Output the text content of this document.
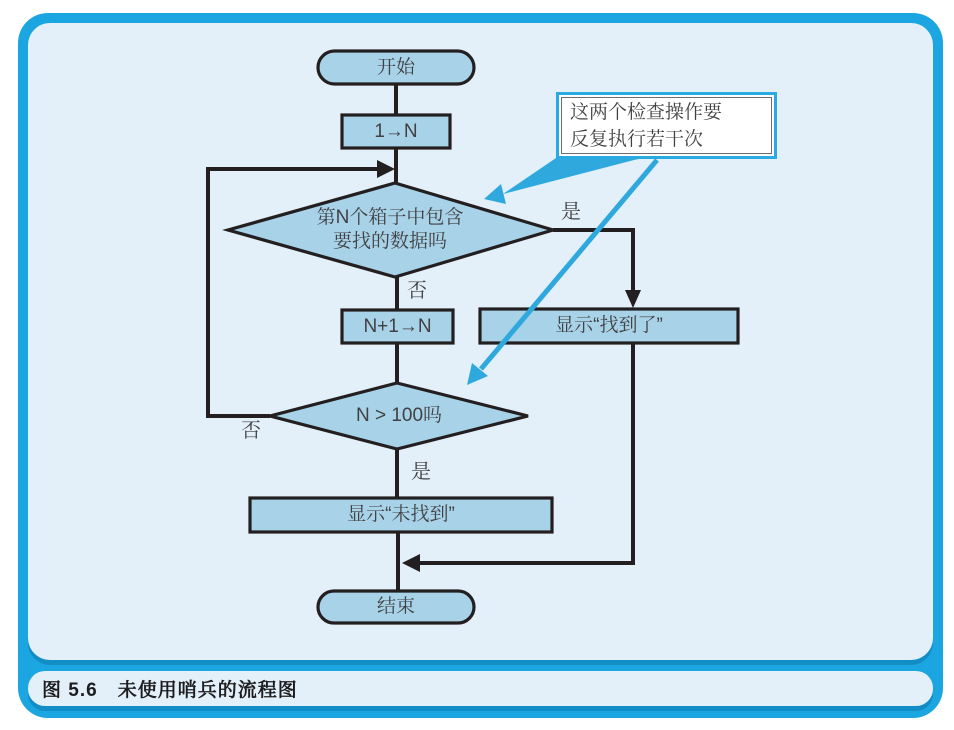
开始
1→N
第N个箱子中包含
要找的数据吗
是
否
N+1→N	显示“找到了”
N > 100吗
否
是
显示“未找到”
结束
这两个检查操作要
反复执行若干次
图 5.6　未使用哨兵的流程图
